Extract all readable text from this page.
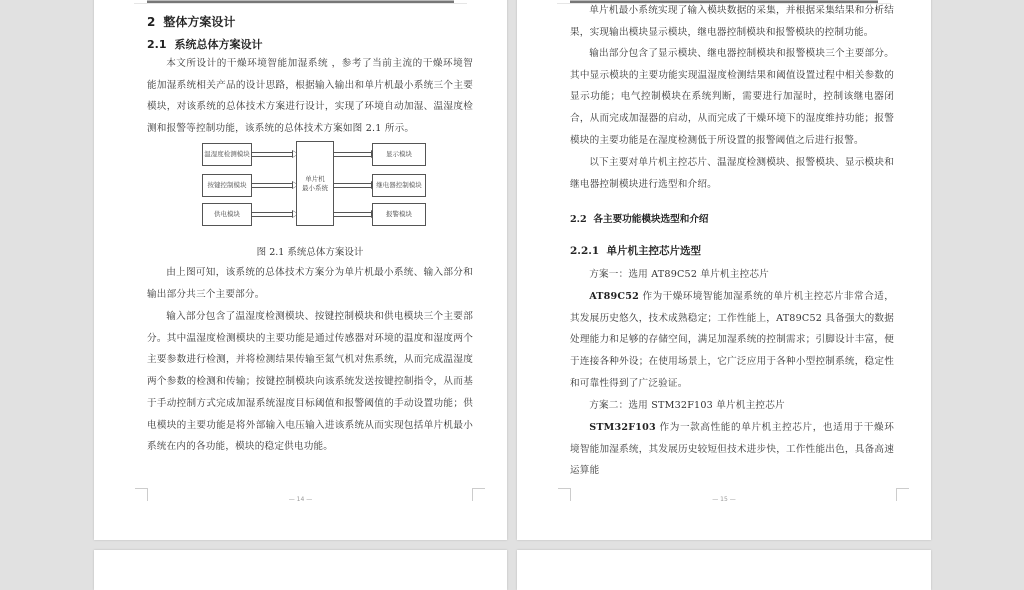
2 整体方案设计
2.1 系统总体方案设计
本文所设计的干燥环境智能加湿系统 ，参考了当前主流的干燥环境智能加湿系统相关产品的设计思路，根据输入输出和单片机最小系统三个主要模块，对该系统的总体技术方案进行设计，实现了环境自动加湿、温湿度检测和报警等控制功能，该系统的总体技术方案如图 2.1 所示。
温湿度检测模块
按键控制模块
供电模块
单片机
最小系统
显示模块
继电器控制模块
报警模块
图 2.1 系统总体方案设计
由上图可知，该系统的总体技术方案分为单片机最小系统、输入部分和输出部分共三个主要部分。
输入部分包含了温湿度检测模块、按键控制模块和供电模块三个主要部分。其中温湿度检测模块的主要功能是通过传感器对环境的温度和湿度两个主要参数进行检测，并将检测结果传输至氮气机对焦系统，从而完成温湿度两个参数的检测和传输；按键控制模块向该系统发送按键控制指令，从而基于手动控制方式完成加湿系统湿度目标阈值和报警阈值的手动设置功能；供电模块的主要功能是将外部输入电压输入进该系统从而实现包括单片机最小系统在内的各功能，模块的稳定供电功能。
— 14 —
单片机最小系统实现了输入模块数据的采集，并根据采集结果和分析结果，实现输出模块显示模块，继电器控制模块和报警模块的控制功能。
输出部分包含了显示模块、继电器控制模块和报警模块三个主要部分。其中显示模块的主要功能实现温湿度检测结果和阈值设置过程中相关参数的显示功能；电气控制模块在系统判断，需要进行加湿时，控制该继电器闭合，从而完成加湿器的启动，从而完成了干燥环境下的湿度维持功能；报警模块的主要功能是在湿度检测低于所设置的报警阈值之后进行报警。
以下主要对单片机主控芯片、温湿度检测模块、报警模块、显示模块和继电器控制模块进行选型和介绍。
2.2 各主要功能模块选型和介绍
2.2.1 单片机主控芯片选型
方案一：选用 AT89C52 单片机主控芯片
AT89C52 作为干燥环境智能加湿系统的单片机主控芯片非常合适，其发展历史悠久，技术成熟稳定；工作性能上，AT89C52 具备强大的数据处理能力和足够的存储空间，满足加湿系统的控制需求；引脚设计丰富，便于连接各种外设；在使用场景上，它广泛应用于各种小型控制系统，稳定性和可靠性得到了广泛验证。
方案二：选用 STM32F103 单片机主控芯片
STM32F103 作为一款高性能的单片机主控芯片，也适用于干燥环境智能加湿系统，其发展历史较短但技术进步快，工作性能出色，具备高速运算能
— 15 —
